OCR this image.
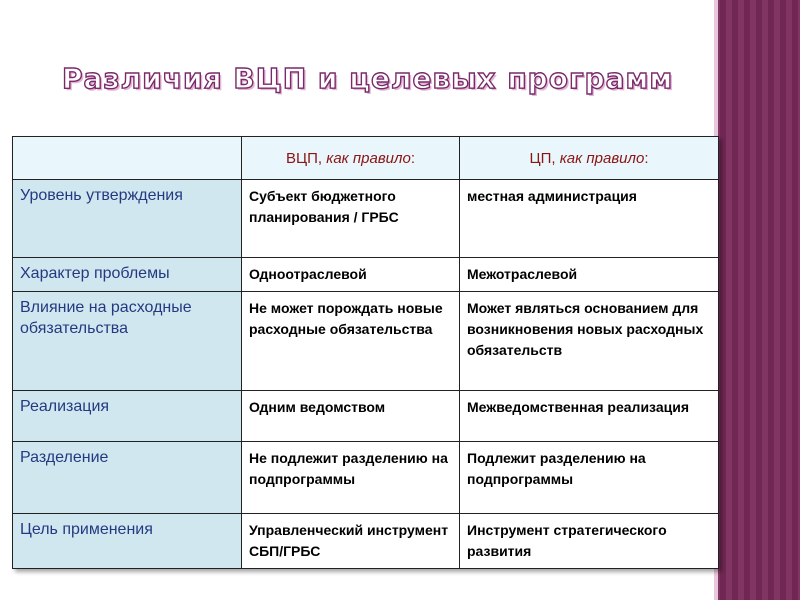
Различия ВЦП и целевых программ
	ВЦП, как правило:	ЦП, как правило:
Уровень утверждения	Субъект бюджетного планирования / ГРБС	местная администрация
Характер проблемы	Одноотраслевой	Межотраслевой
Влияние на расходные обязательства	Не может порождать новые расходные обязательства	Может являться основанием для возникновения новых расходных обязательств
Реализация	Одним ведомством	Межведомственная реализация
Разделение	Не подлежит разделению на подпрограммы	Подлежит разделению на подпрограммы
Цель применения	Управленческий инструмент СБП/ГРБС	Инструмент стратегического развития
